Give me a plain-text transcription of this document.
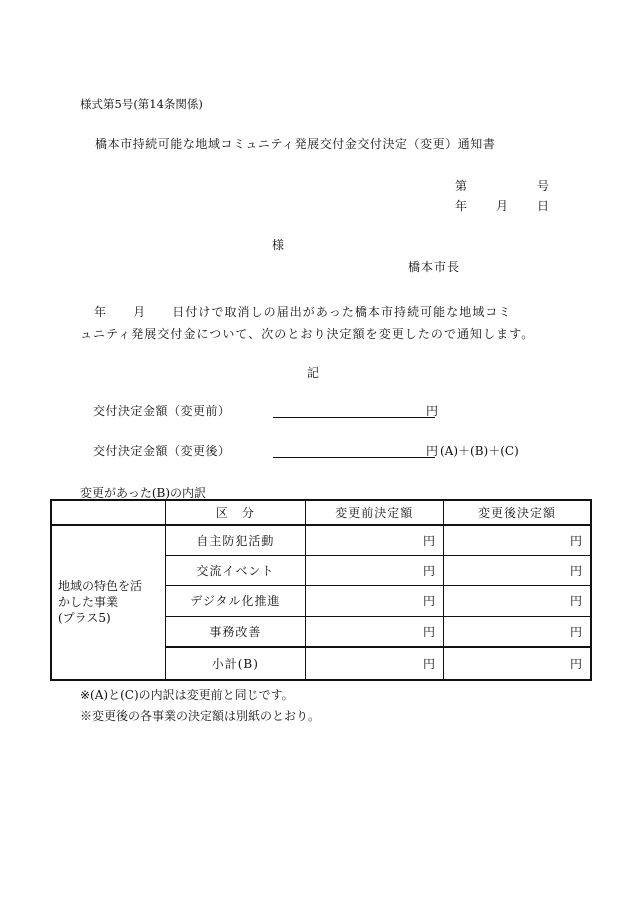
様式第5号(第14条関係)
橋本市持続可能な地域コミュニティ発展交付金交付決定（変更）通知書
第	号
年 月 日
様
橋本市長

年　　月　　日付けで取消しの届出があった橋本市持続可能な地域コミ

ュニティ発展交付金について、次のとおり決定額を変更したので通知します。

記
交付決定金額（変更前）	円
交付決定金額（変更後）	円 (A)＋(B)＋(C)
変更があった(B)の内訳
	区　分	変更前決定額	変更後決定額

地域の特色を活
かした事業
(プラス5)	自主防犯活動	円	円
	交流イベント	円	円
	デジタル化推進	円	円
	事務改善	円	円
	小計(B)	円	円
※(A)と(C)の内訳は変更前と同じです。
※変更後の各事業の決定額は別紙のとおり。
